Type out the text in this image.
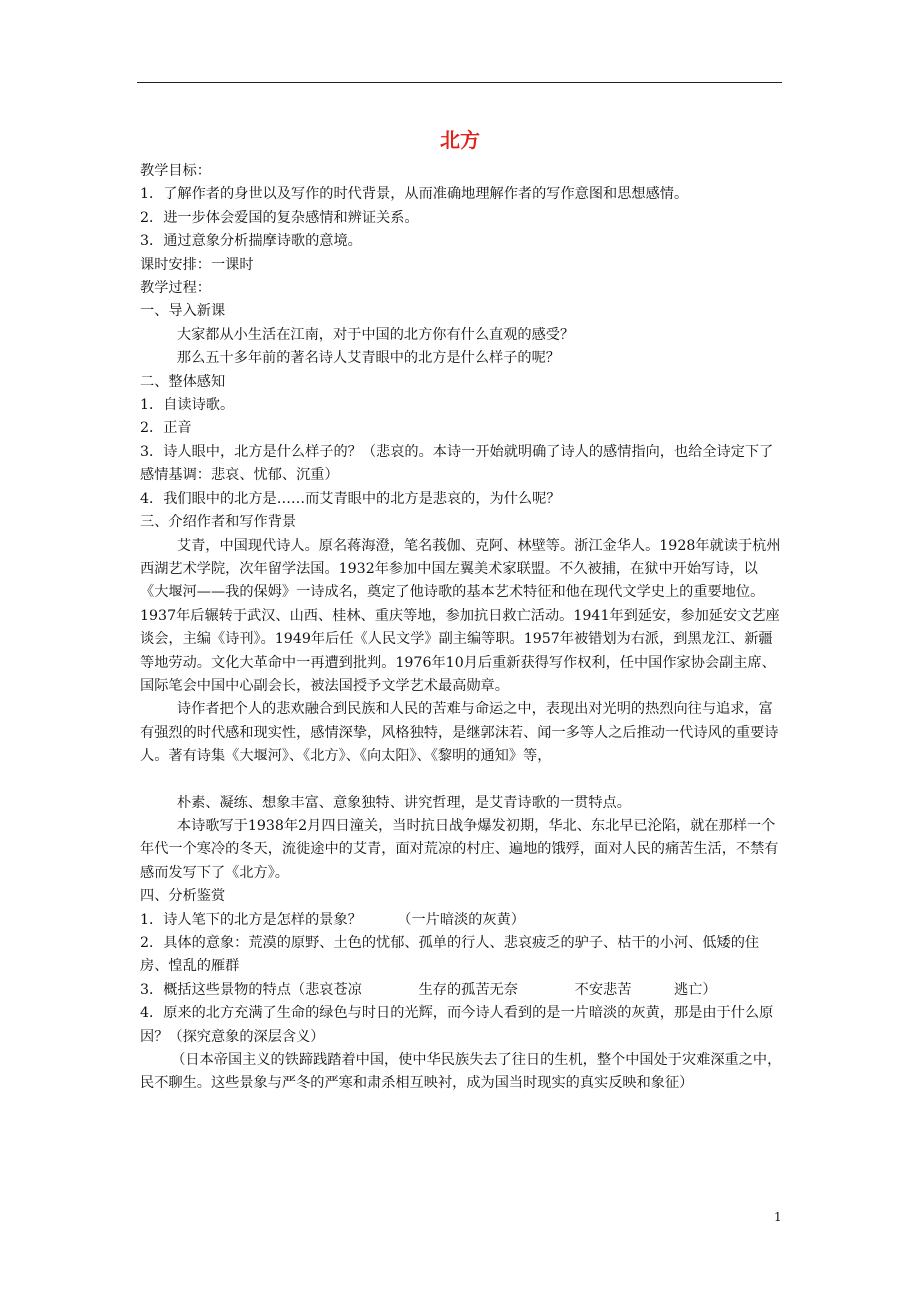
北方

教学目标：

1．了解作者的身世以及写作的时代背景，从而准确地理解作者的写作意图和思想感情。

2．进一步体会爱国的复杂感情和辨证关系。

3．通过意象分析揣摩诗歌的意境。

课时安排：一课时

教学过程：

一、导入新课

大家都从小生活在江南，对于中国的北方你有什么直观的感受？

那么五十多年前的著名诗人艾青眼中的北方是什么样子的呢？

二、整体感知

1．自读诗歌。

2．正音

3．诗人眼中，北方是什么样子的？（悲哀的。本诗一开始就明确了诗人的感情指向，也给全诗定下了感情基调：悲哀、忧郁、沉重）

4．我们眼中的北方是……而艾青眼中的北方是悲哀的，为什么呢？

三、介绍作者和写作背景

艾青，中国现代诗人。原名蒋海澄，笔名莪伽、克阿、林壁等。浙江金华人。1928年就读于杭州西湖艺术学院，次年留学法国。1932年参加中国左翼美术家联盟。不久被捕，在狱中开始写诗，以《大堰河——我的保姆》一诗成名，奠定了他诗歌的基本艺术特征和他在现代文学史上的重要地位。1937年后辗转于武汉、山西、桂林、重庆等地，参加抗日救亡活动。1941年到延安，参加延安文艺座谈会，主编《诗刊》。1949年后任《人民文学》副主编等职。1957年被错划为右派，到黑龙江、新疆等地劳动。文化大革命中一再遭到批判。1976年10月后重新获得写作权利，任中国作家协会副主席、国际笔会中国中心副会长，被法国授予文学艺术最高勋章。

诗作者把个人的悲欢融合到民族和人民的苦难与命运之中，表现出对光明的热烈向往与追求，富有强烈的时代感和现实性，感情深挚，风格独特，是继郭沫若、闻一多等人之后推动一代诗风的重要诗人。著有诗集《大堰河》、《北方》、《向太阳》、《黎明的通知》等，

朴素、凝练、想象丰富、意象独特、讲究哲理，是艾青诗歌的一贯特点。

本诗歌写于1938年2月四日潼关，当时抗日战争爆发初期，华北、东北早已沦陷，就在那样一个年代一个寒冷的冬天，流徙途中的艾青，面对荒凉的村庄、遍地的饿殍，面对人民的痛苦生活，不禁有感而发写下了《北方》。

四、分析鉴赏

1．诗人笔下的北方是怎样的景象？　　　（一片暗淡的灰黄）

2．具体的意象：荒漠的原野、土色的忧郁、孤单的行人、悲哀疲乏的驴子、枯干的小河、低矮的住房、惶乱的雁群

3．概括这些景物的特点（悲哀苍凉　　　　生存的孤苦无奈　　　　不安悲苦　　　逃亡）

4．原来的北方充满了生命的绿色与时日的光辉，而今诗人看到的是一片暗淡的灰黄，那是由于什么原因？（探究意象的深层含义）

（日本帝国主义的铁蹄践踏着中国，使中华民族失去了往日的生机，整个中国处于灾难深重之中，民不聊生。这些景象与严冬的严寒和肃杀相互映衬，成为国当时现实的真实反映和象征）

1
